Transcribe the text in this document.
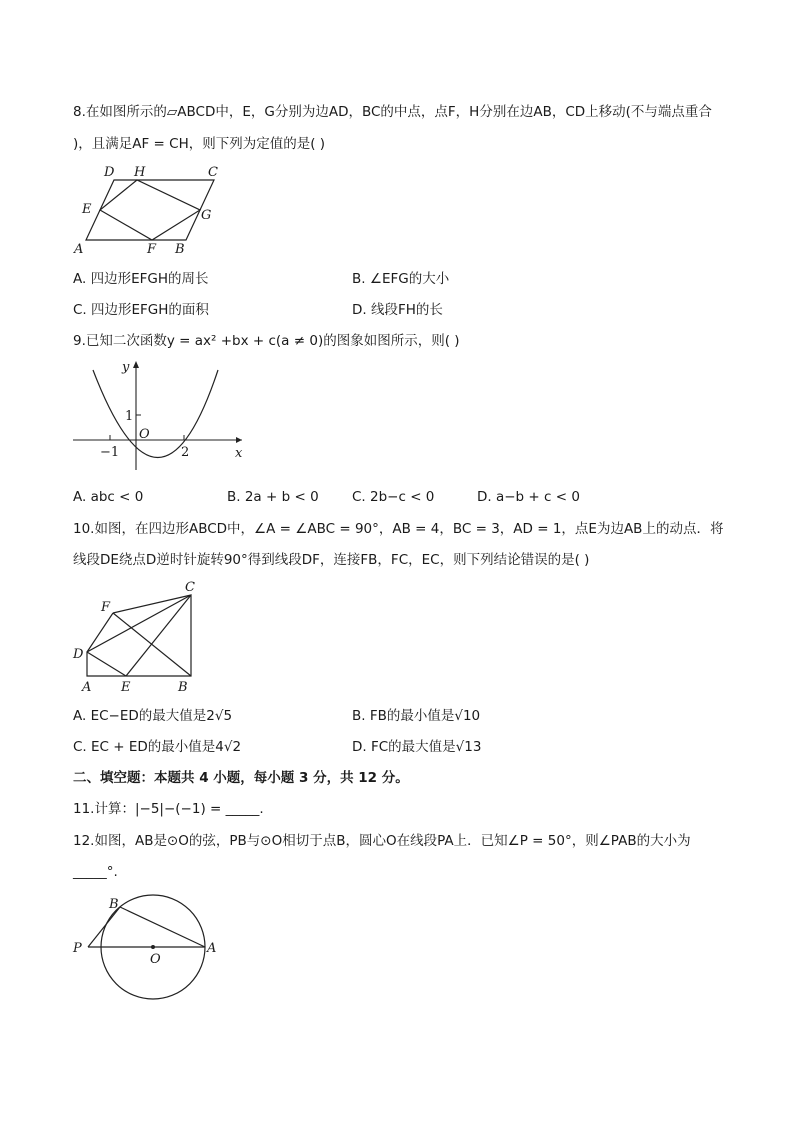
8.在如图所示的▱ABCD中，E，G分别为边AD，BC的中点，点F，H分别在边AB，CD上移动(不与端点重合
)，且满足AF = CH，则下列为定值的是( )
D H	C
E	G
A	F B
A. 四边形EFGH的周长	B. ∠EFG的大小
C. 四边形EFGH的面积	D. 线段FH的长
9.已知二次函数y = ax² +bx + c(a ≠ 0)的图象如图所示，则( )
y
x
O
1
−1	2
A. abc < 0	B. 2a + b < 0 C. 2b−c < 0	D. a−b + c < 0
10.如图，在四边形ABCD中，∠A = ∠ABC = 90°，AB = 4，BC = 3，AD = 1，点E为边AB上的动点．将
线段DE绕点D逆时针旋转90°得到线段DF，连接FB，FC，EC，则下列结论错误的是( )
C
F
D
A E	B
A. EC−ED的最大值是2√5	B. FB的最小值是√10
C. EC + ED的最小值是4√2	D. FC的最大值是√13
二、填空题：本题共 4 小题，每小题 3 分，共 12 分。
11.计算：|−5|−(−1) = _____.
12.如图，AB是⊙O的弦，PB与⊙O相切于点B，圆心O在线段PA上．已知∠P = 50°，则∠PAB的大小为
_____°.
B
P
O
A
